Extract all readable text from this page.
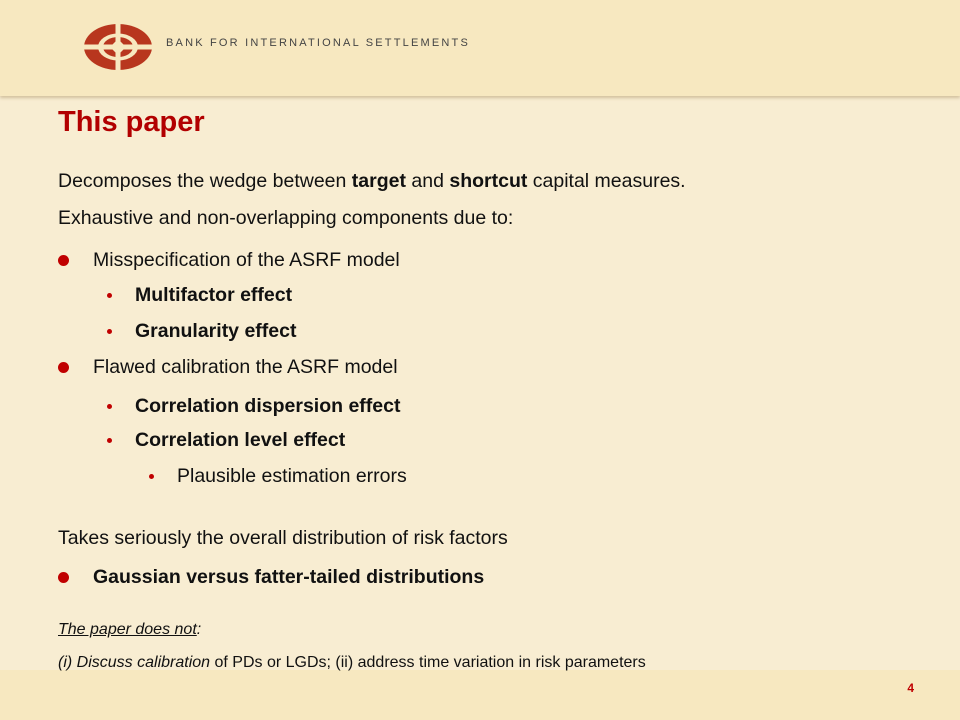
BANK FOR INTERNATIONAL SETTLEMENTS
This paper
Decomposes the wedge between target and shortcut capital measures.
Exhaustive and non-overlapping components due to:
Misspecification of the ASRF model
Multifactor effect
Granularity effect
Flawed calibration the ASRF model
Correlation dispersion effect
Correlation level effect
Plausible estimation errors
Takes seriously the overall distribution of risk factors
Gaussian versus fatter-tailed distributions
The paper does not:
4
(i) Discuss calibration of PDs or LGDs; (ii) address time variation in risk parameters
